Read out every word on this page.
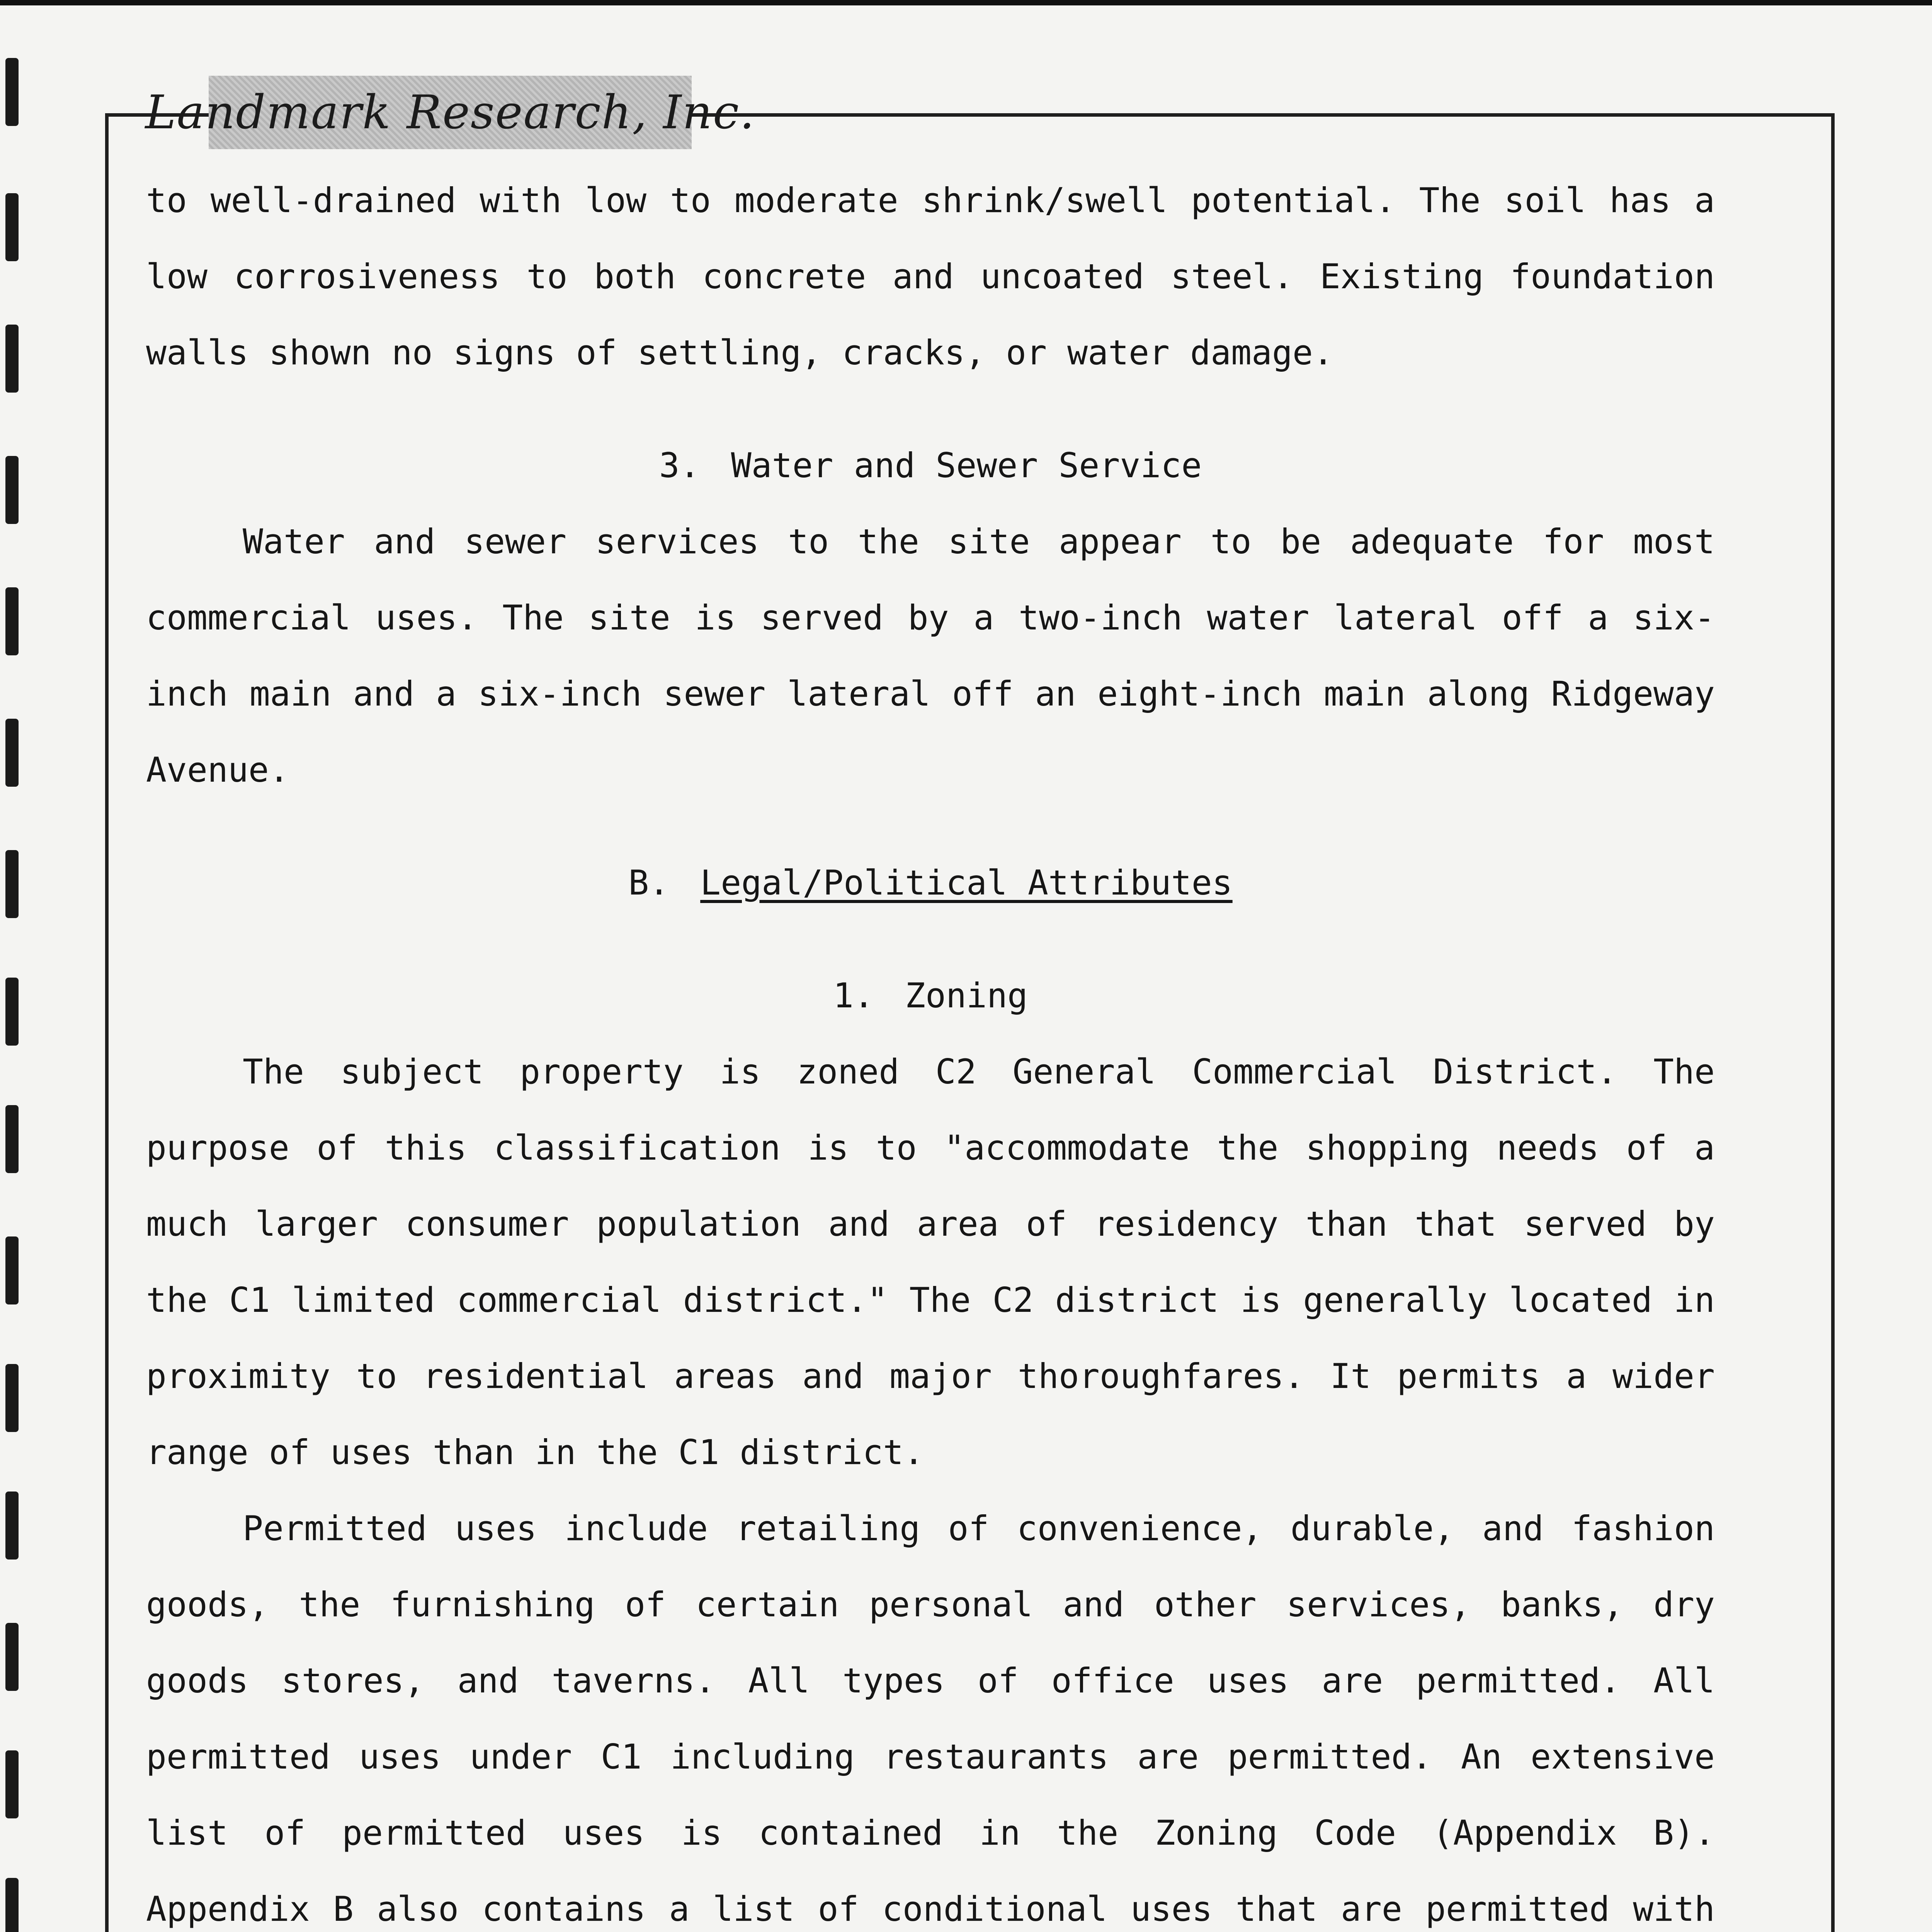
Landmark Research, Inc.

to well-drained with low to moderate shrink/swell potential. The soil has a low corrosiveness to both concrete and uncoated steel. Existing foundation walls shown no signs of settling, cracks, or water damage.

3. Water and Sewer Service

Water and sewer services to the site appear to be adequate for most commercial uses. The site is served by a two-inch water lateral off a six-inch main and a six-inch sewer lateral off an eight-inch main along Ridgeway Avenue.

B. Legal/Political Attributes
1. Zoning

The subject property is zoned C2 General Commercial District. The purpose of this classification is to "accommodate the shopping needs of a much larger consumer population and area of residency than that served by the C1 limited commercial district." The C2 district is generally located in proximity to residential areas and major thoroughfares. It permits a wider range of uses than in the C1 district.

Permitted uses include retailing of convenience, durable, and fashion goods, the furnishing of certain personal and other services, banks, dry goods stores, and taverns. All types of office uses are permitted. All permitted uses under C1 including restaurants are permitted. An extensive list of permitted uses is contained in the Zoning Code (Appendix B). Appendix B also contains a list of conditional uses that are permitted with
